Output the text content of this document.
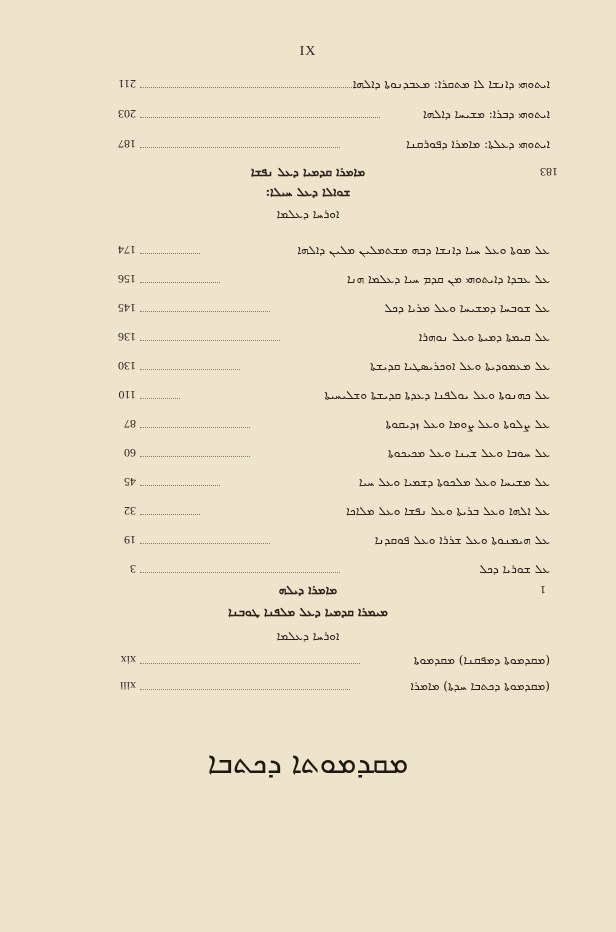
IX
211	ܐܝܬܘܗܝ ܕܐܢܫܐ ܠܐ ܡܬܩܪܐ: ܡܥܒܕܢܘܬܐ ܕܐܠܗܐ
203	ܐܝܬܘܗܝ ܕܒܪܐ: ܡܫܝܚܐ ܕܐܠܗܐ
187	ܐܝܬܘܗܝ ܕܥܠܬܐ: ܡܐܡܪܐ ܕܦܘܪܩܢܐ
ܡܐܡܪܐ ܩܕܡܝܐ ܕܥܠ ܢܦܫܐ	183
ܫܘܐܠܐ ܕܥܠ ܚܝܠܐ:
ܐܘܪܚܐ ܕܥܠܡܐ
174	ܥܠ ܡܘܬܐ ܘܥܠ ܚܝܐ ܕܐܢܫܐ ܕܒܗ ܡܫܬܡܠܝܢ ܡܠܝܢ ܕܐܠܗܐ
156	ܥܠ ܥܒܕܐ ܕܐܝܬܘܗܝ ܡܢ ܩܕܡ ܚܝܐ ܕܥܠܡܐ ܗܢܐ
145	ܥܠ ܫܘܒܚܐ ܕܡܫܝܚܐ ܘܥܠ ܡܪܝܐ ܕܟܠ
136	ܥܠ ܩܝܡܬܐ ܕܡܝܬܐ ܘܥܠ ܢܘܗܪܐ
130	ܥܠ ܡܥܡܘܕܝܬܐ ܘܥܠ ܐܘܟܪܝܣܛܝܐ ܩܕܝܫܬܐ
110	ܥܠ ܟܗܢܘܬܐ ܘܥܠ ܝܘܠܦܢܐ ܕܥܕܬܐ ܩܕܝܫܬܐ ܘܫܠܝܚܝܬܐ
87	ܥܠ ܨܠܘܬܐ ܘܥܠ ܨܘܡܐ ܘܥܠ ܙܕܝܩܘܬܐ
60	ܥܠ ܚܘܒܐ ܘܥܠ ܫܝܢܐ ܘܥܠ ܡܟܝܟܘܬܐ
45	ܥܠ ܡܫܝܚܐ ܘܥܠ ܡܠܟܘܬܐ ܕܫܡܝܐ ܘܥܠ ܚܝܐ
32	ܥܠ ܐܠܗܐ ܘܥܠ ܒܪܝܬܐ ܘܥܠ ܢܦܫܐ ܘܥܠ ܡܠܐܟܐ
19	ܥܠ ܗܝܡܢܘܬܐ ܘܥܠ ܫܪܪܐ ܘܥܠ ܦܘܩܕܢܐ
3	ܥܠ ܫܘܪܝܐ ܕܟܠ
ܡܐܡܪܐ ܕܝܠܗ	1
ܡܝܡܪܐ ܩܕܡܝܐ ܕܥܠ ܡܠܦܢܐ ܛܘܒܢܐ
ܐܘܪܚܐ ܕܥܠܡܐ
xix	(ܡܩܕܡܘܬܐ ܕܡܦܩܢܐ) ܡܩܕܡܘܬܐ
xiii	(ܡܩܕܡܘܬܐ ܕܟܬܒܐ ܚܕܬܐ) ܡܐܡܪܐ
ܡܩܕܡܘܬܐ ܕܟܬܒܐ
